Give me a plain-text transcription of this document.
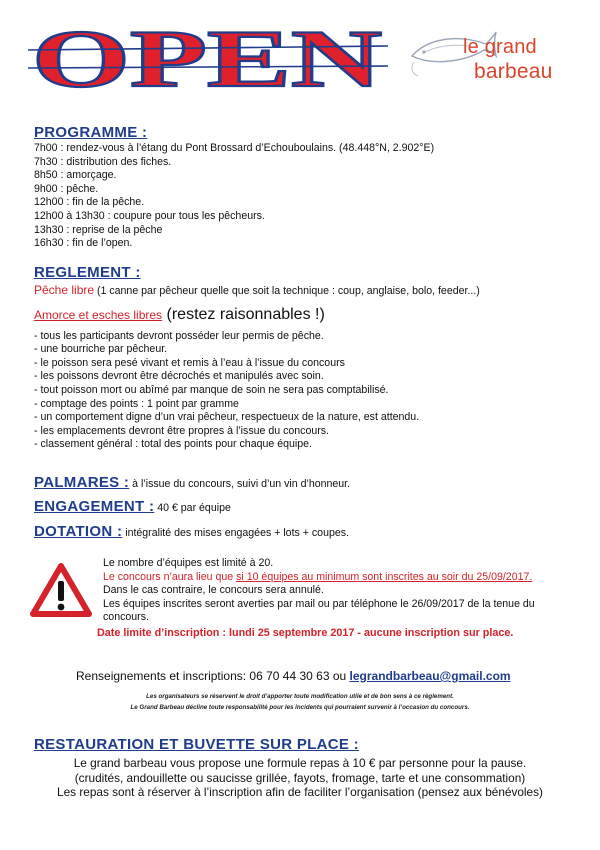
OPEN	le grand
barbeau
PROGRAMME :
7h00 : rendez-vous à l’étang du Pont Brossard d’Echouboulains. (48.448°N, 2.902°E)
7h30 : distribution des fiches.
8h50 : amorçage.
9h00 : pêche.
12h00 : fin de la pêche.
12h00 à 13h30 : coupure pour tous les pêcheurs.
13h30 : reprise de la pêche
16h30 : fin de l’open.
REGLEMENT :
Pêche libre (1 canne par pêcheur quelle que soit la technique : coup, anglaise, bolo, feeder...)
Amorce et esches libres (restez raisonnables !)
- tous les participants devront posséder leur permis de pêche.
- une bourriche par pêcheur.
- le poisson sera pesé vivant et remis à l’eau à l’issue du concours
- les poissons devront être décrochés et manipulés avec soin.
- tout poisson mort ou abîmé par manque de soin ne sera pas comptabilisé.
- comptage des points : 1 point par gramme
- un comportement digne d’un vrai pêcheur, respectueux de la nature, est attendu.
- les emplacements devront être propres à l’issue du concours.
- classement général : total des points pour chaque équipe.
PALMARES : à l’issue du concours, suivi d’un vin d’honneur.
ENGAGEMENT : 40 € par équipe
DOTATION : intégralité des mises engagées + lots + coupes.
Le nombre d’équipes est limité à 20.
Le concours n’aura lieu que si 10 équipes au minimum sont inscrites au soir du 25/09/2017.
Dans le cas contraire, le concours sera annulé.
Les équipes inscrites seront averties par mail ou par téléphone le 26/09/2017 de la tenue du concours.
Date limite d’inscription : lundi 25 septembre 2017 - aucune inscription sur place.
Renseignements et inscriptions: 06 70 44 30 63 ou legrandbarbeau@gmail.com
Les organisateurs se réservent le droit d’apporter toute modification utile et de bon sens à ce règlement.
Le Grand Barbeau décline toute responsabilité pour les incidents qui pourraient survenir à l’occasion du concours.
RESTAURATION ET BUVETTE SUR PLACE :
Le grand barbeau vous propose une formule repas à 10 € par personne pour la pause.
(crudités, andouillette ou saucisse grillée, fayots, fromage, tarte et une consommation)
Les repas sont à réserver à l’inscription afin de faciliter l’organisation (pensez aux bénévoles)
